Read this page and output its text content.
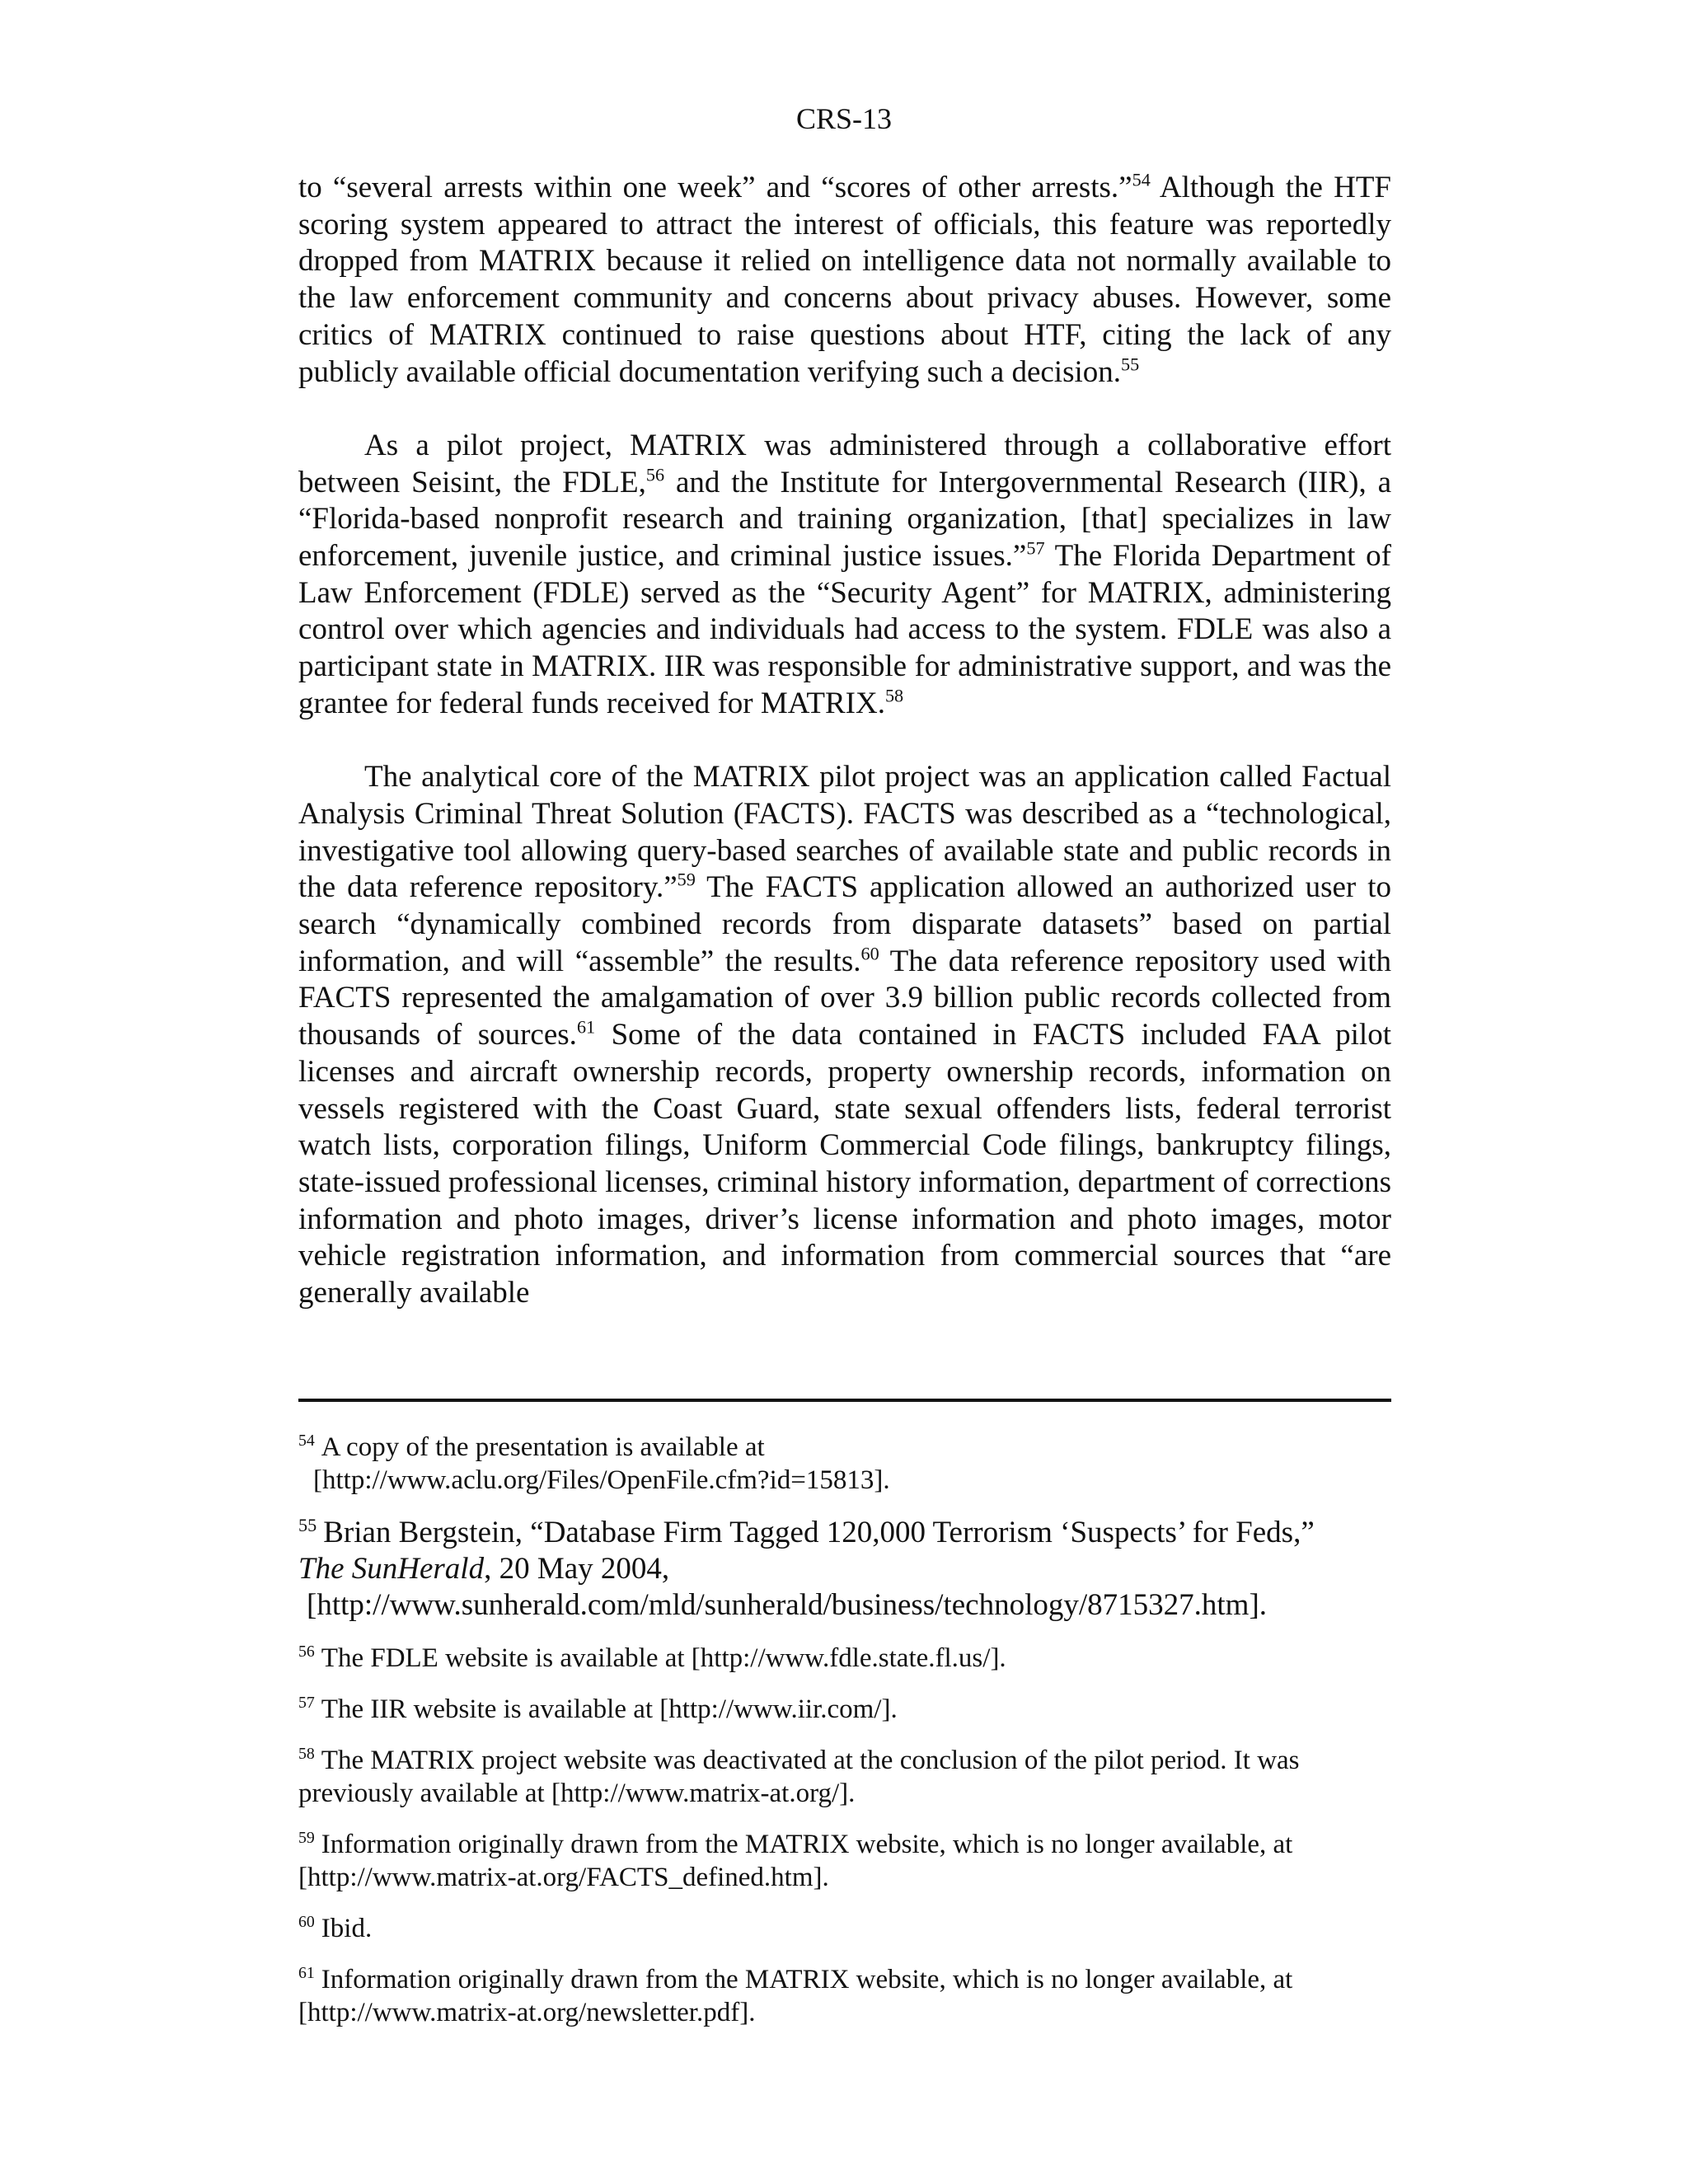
CRS-13

to “several arrests within one week” and “scores of other arrests.”$^{54}$ Although the HTF scoring system appeared to attract the interest of officials, this feature was reportedly dropped from MATRIX because it relied on intelligence data not normally available to the law enforcement community and concerns about privacy abuses. However, some critics of MATRIX continued to raise questions about HTF, citing the lack of any publicly available official documentation verifying such a decision.$^{55}$

As a pilot project, MATRIX was administered through a collaborative effort between Seisint, the FDLE,$^{56}$ and the Institute for Intergovernmental Research (IIR), a “Florida-based nonprofit research and training organization, [that] specializes in law enforcement, juvenile justice, and criminal justice issues.”$^{57}$ The Florida Department of Law Enforcement (FDLE) served as the “Security Agent” for MATRIX, administering control over which agencies and individuals had access to the system. FDLE was also a participant state in MATRIX. IIR was responsible for administrative support, and was the grantee for federal funds received for MATRIX.$^{58}$

The analytical core of the MATRIX pilot project was an application called Factual Analysis Criminal Threat Solution (FACTS). FACTS was described as a “technological, investigative tool allowing query-based searches of available state and public records in the data reference repository.”$^{59}$ The FACTS application allowed an authorized user to search “dynamically combined records from disparate datasets” based on partial information, and will “assemble” the results.$^{60}$ The data reference repository used with FACTS represented the amalgamation of over 3.9 billion public records collected from thousands of sources.$^{61}$ Some of the data contained in FACTS included FAA pilot licenses and aircraft ownership records, property ownership records, information on vessels registered with the Coast Guard, state sexual offenders lists, federal terrorist watch lists, corporation filings, Uniform Commercial Code filings, bankruptcy filings, state-issued professional licenses, criminal history information, department of corrections information and photo images, driver’s license information and photo images, motor vehicle registration information, and information from commercial sources that “are generally available

$^{54}$ A copy of the presentation is available at
[http://www.aclu.org/Files/OpenFile.cfm?id=15813].
$^{55}$ Brian Bergstein, “Database Firm Tagged 120,000 Terrorism ‘Suspects’ for Feds,”
The SunHerald, 20 May 2004,
[http://www.sunherald.com/mld/sunherald/business/technology/8715327.htm].
$^{56}$ The FDLE website is available at [http://www.fdle.state.fl.us/].
$^{57}$ The IIR website is available at [http://www.iir.com/].
$^{58}$ The MATRIX project website was deactivated at the conclusion of the pilot period. It was previously available at [http://www.matrix-at.org/].
$^{59}$ Information originally drawn from the MATRIX website, which is no longer available, at [http://www.matrix-at.org/FACTS_defined.htm].
$^{60}$ Ibid.
$^{61}$ Information originally drawn from the MATRIX website, which is no longer available, at [http://www.matrix-at.org/newsletter.pdf].
